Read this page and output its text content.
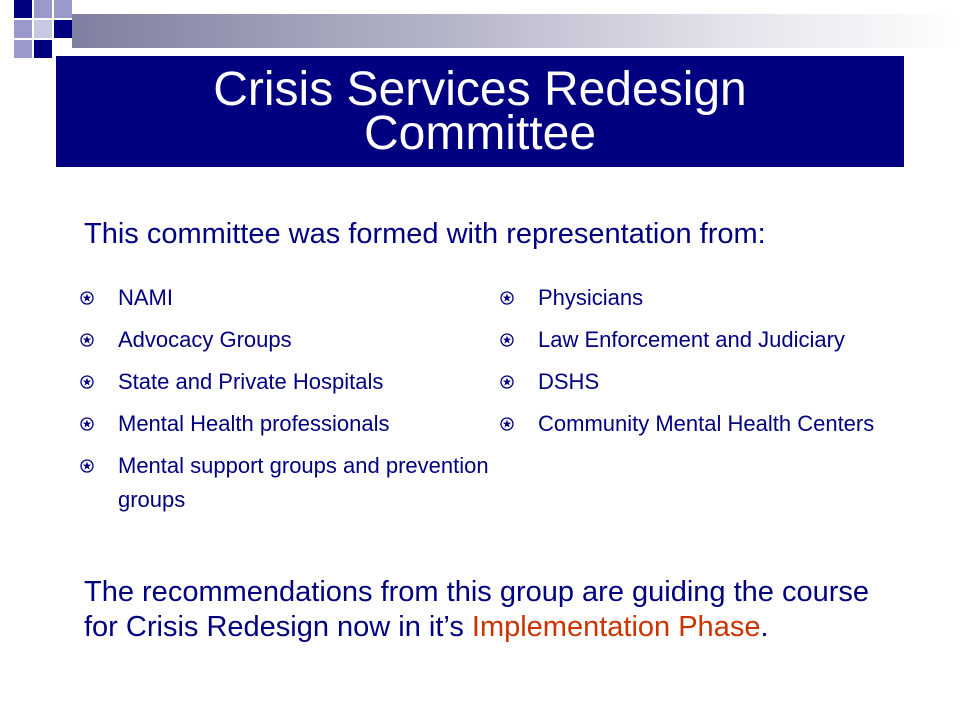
Crisis Services Redesign
Committee
This committee was formed with representation from:
NAMI
Advocacy Groups
State and Private Hospitals
Mental Health professionals
Mental support groups and prevention groups
Physicians
Law Enforcement and Judiciary
DSHS
Community Mental Health Centers

The recommendations from this group are guiding the course for Crisis Redesign now in it’s Implementation Phase.
